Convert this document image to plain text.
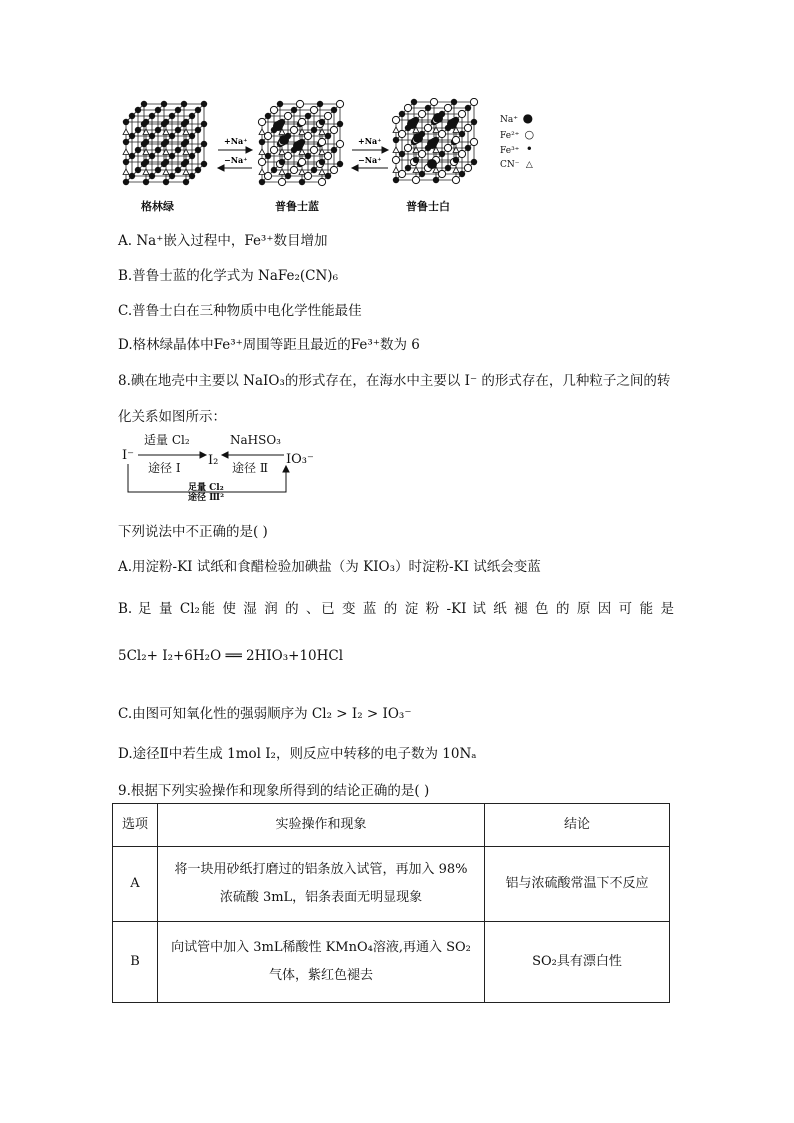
+Na⁺
−Na⁺
+Na⁺
−Na⁺
格林绿	普鲁士蓝	普鲁士白
Na⁺ ●
Fe²⁺ ○
Fe³⁺ •
CN⁻ △
A. Na⁺嵌入过程中，Fe³⁺数目增加
B.普鲁士蓝的化学式为 NaFe₂(CN)₆
C.普鲁士白在三种物质中电化学性能最佳
D.格林绿晶体中Fe³⁺周围等距且最近的Fe³⁺数为 6
8.碘在地壳中主要以 NaIO₃的形式存在，在海水中主要以 I⁻ 的形式存在，几种粒子之间的转
化关系如图所示：
I⁻	I₂	IO₃⁻
适量 Cl₂
途径 Ⅰ
NaHSO₃
途径 Ⅱ
足量 Cl₂
途径 Ⅲ²
下列说法中不正确的是( )
A.用淀粉-KI 试纸和食醋检验加碘盐（为 KIO₃）时淀粉-KI 试纸会变蓝
B. 足 量 Cl₂能 使 湿 润 的 、已 变 蓝 的 淀 粉 -KI 试 纸 褪 色 的 原 因 可 能 是
5Cl₂+ I₂+6H₂O ══ 2HIO₃+10HCl
C.由图可知氧化性的强弱顺序为 Cl₂ > I₂ > IO₃⁻
D.途径Ⅱ中若生成 1mol I₂，则反应中转移的电子数为 10Nₐ
9.根据下列实验操作和现象所得到的结论正确的是( )
选项	实验操作和现象	结论
A	将一块用砂纸打磨过的铝条放入试管，再加入 98%
浓硫酸 3mL，铝条表面无明显现象	铝与浓硫酸常温下不反应
B	向试管中加入 3mL稀酸性 KMnO₄溶液,再通入 SO₂
气体，紫红色褪去	SO₂具有漂白性
